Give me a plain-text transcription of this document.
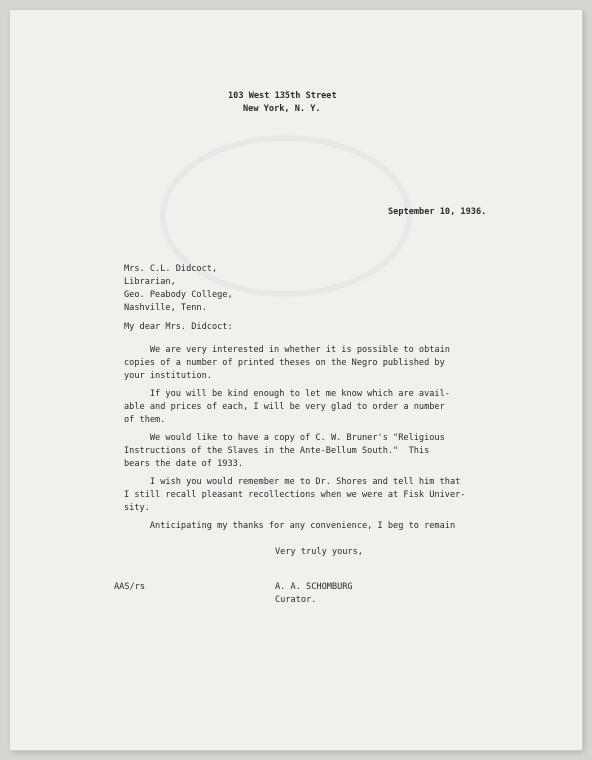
103 West 135th Street
New York, N. Y.
September 10, 1936.
Mrs. C.L. Didcoct,
Librarian,
Geo. Peabody College,
Nashville, Tenn.
My dear Mrs. Didcoct:
We are very interested in whether it is possible to obtain
copies of a number of printed theses on the Negro published by
your institution.
If you will be kind enough to let me know which are avail-
able and prices of each, I will be very glad to order a number
of them.
We would like to have a copy of C. W. Bruner's "Religious
Instructions of the Slaves in the Ante-Bellum South."  This
bears the date of 1933.
I wish you would remember me to Dr. Shores and tell him that
I still recall pleasant recollections when we were at Fisk Univer-
sity.
Anticipating my thanks for any convenience, I beg to remain
Very truly yours,
AAS/rs	A. A. SCHOMBURG
Curator.
